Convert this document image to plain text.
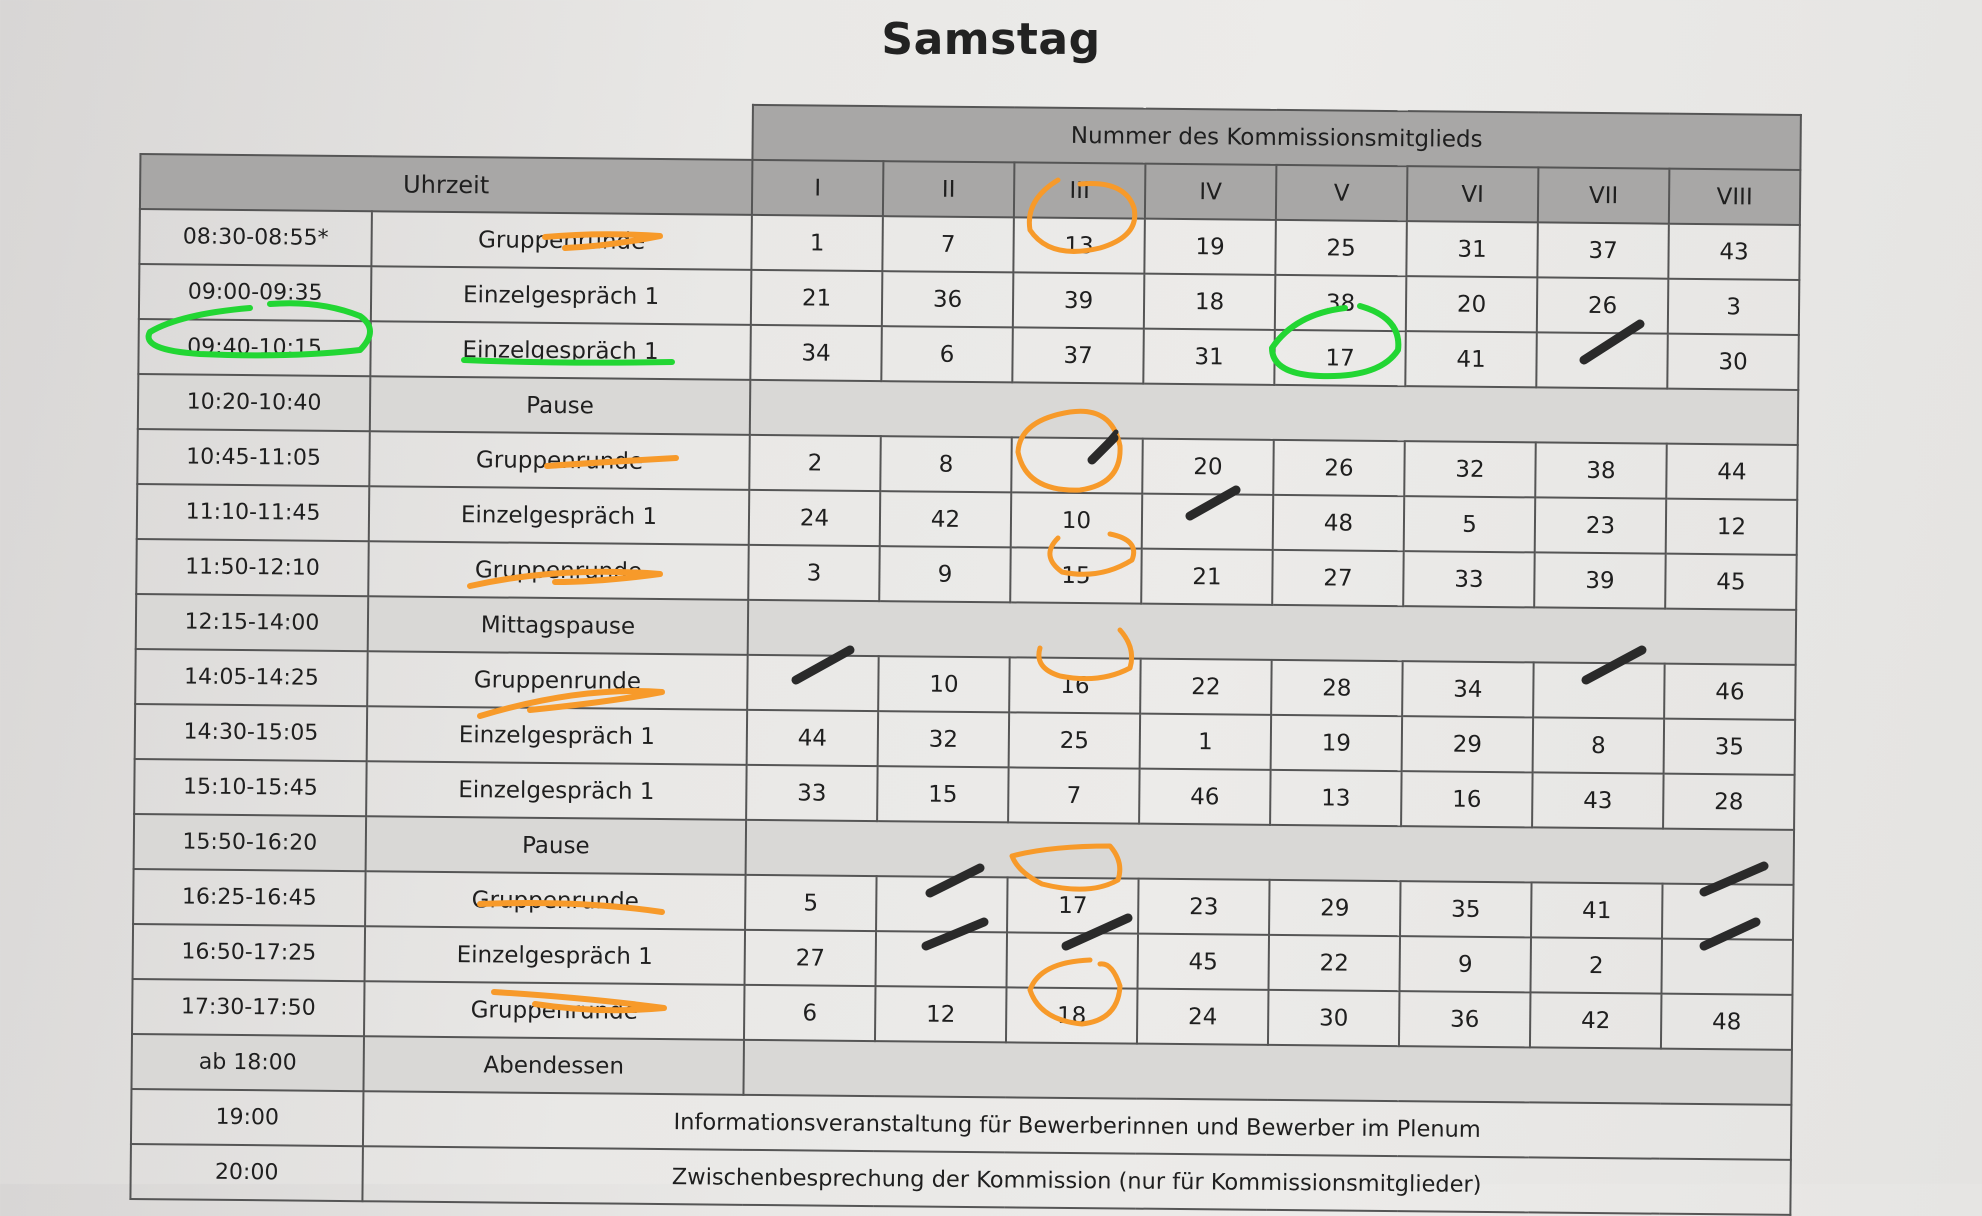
Samstag
		Nummer des Kommissionsmitglieds							
Uhrzeit		I	II	III	IV	V	VI	VII	VIII
08:30-08:55*	Gruppenrunde	1	7	13	19	25	31	37	43
09:00-09:35	Einzelgespräch 1	21	36	39	18	38	20	26	3
09:40-10:15	Einzelgespräch 1	34	6	37	31	17	41		30
10:20-10:40	Pause								
10:45-11:05	Gruppenrunde	2	8		20	26	32	38	44
11:10-11:45	Einzelgespräch 1	24	42	10		48	5	23	12
11:50-12:10	Gruppenrunde	3	9	15	21	27	33	39	45
12:15-14:00	Mittagspause								
14:05-14:25	Gruppenrunde		10	16	22	28	34		46
14:30-15:05	Einzelgespräch 1	44	32	25	1	19	29	8	35
15:10-15:45	Einzelgespräch 1	33	15	7	46	13	16	43	28
15:50-16:20	Pause								
16:25-16:45	Gruppenrunde	5		17	23	29	35	41	
16:50-17:25	Einzelgespräch 1	27			45	22	9	2	
17:30-17:50	Gruppenrunde	6	12	18	24	30	36	42	48
ab 18:00	Abendessen								
19:00	Informationsveranstaltung für Bewerberinnen und Bewerber im Plenum								
20:00	Zwischenbesprechung der Kommission (nur für Kommissionsmitglieder)								
